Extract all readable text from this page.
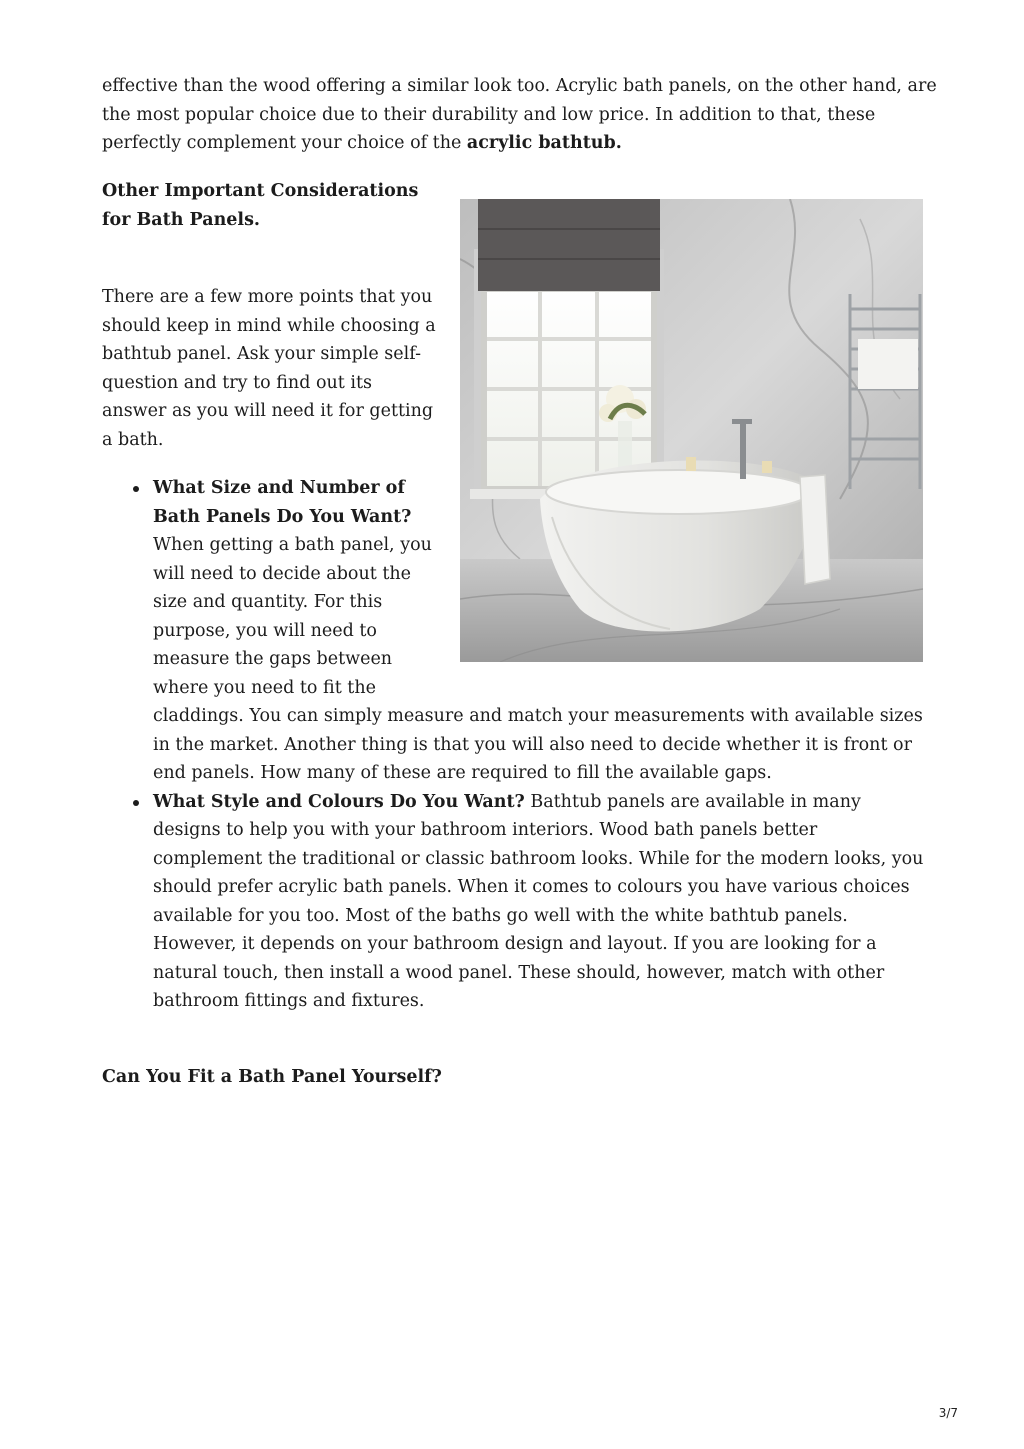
effective than the wood offering a similar look too. Acrylic bath panels, on the other hand, are the most popular choice due to their durability and low price. In addition to that, these perfectly complement your choice of the acrylic bathtub.

Other Important Considerations for Bath Panels.

There are a few more points that you should keep in mind while choosing a bathtub panel. Ask your simple self-question and try to find out its answer as you will need it for getting a bath.

What Size and Number of Bath Panels Do You Want? When getting a bath panel, you will need to decide about the size and quantity. For this purpose, you will need to measure the gaps between where you need to fit the claddings. You can simply measure and match your measurements with available sizes in the market. Another thing is that you will also need to decide whether it is front or end panels. How many of these are required to fill the available gaps.
What Style and Colours Do You Want? Bathtub panels are available in many designs to help you with your bathroom interiors. Wood bath panels better complement the traditional or classic bathroom looks. While for the modern looks, you should prefer acrylic bath panels. When it comes to colours you have various choices available for you too. Most of the baths go well with the white bathtub panels. However, it depends on your bathroom design and layout. If you are looking for a natural touch, then install a wood panel. These should, however, match with other bathroom fittings and fixtures.
Can You Fit a Bath Panel Yourself?
3/7
